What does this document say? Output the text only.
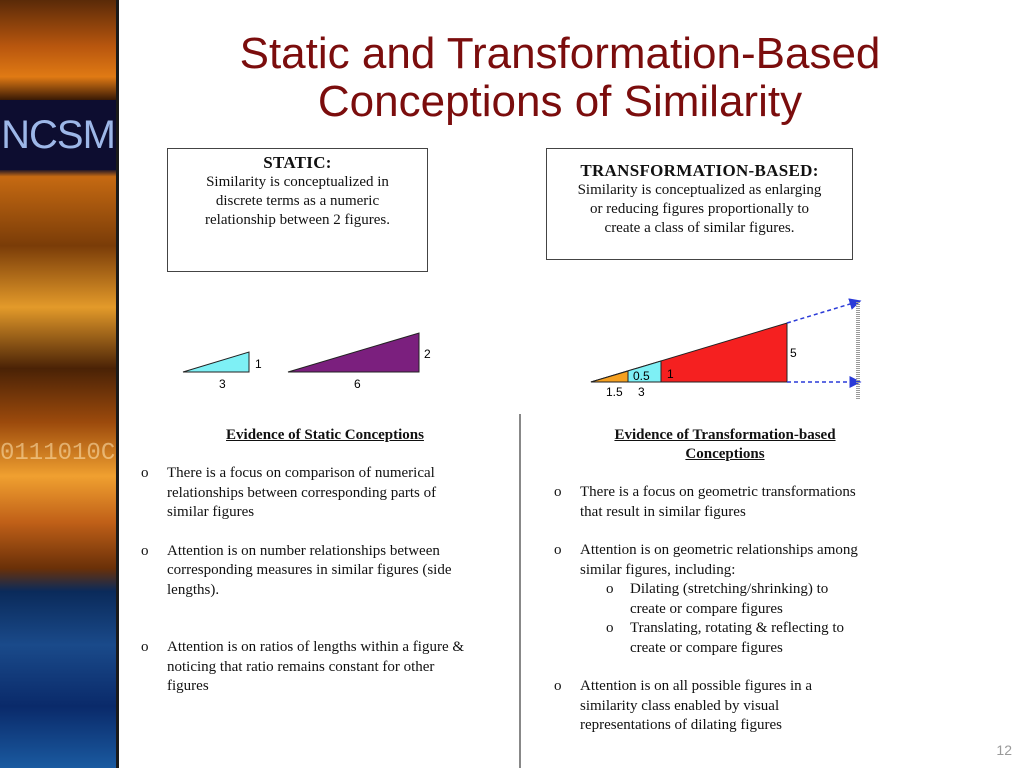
NCSM
0111010C
Static and Transformation-Based
Conceptions of Similarity
STATIC:
Similarity is conceptualized in
discrete terms as a numeric
relationship between 2 figures.
TRANSFORMATION-BASED:
Similarity is conceptualized as enlarging
or reducing figures proportionally to
create a class of similar figures.
1
3
2
6
0.5 1
5
1.5 3
Evidence of Static Conceptions
o There is a focus on comparison of numerical
relationships between corresponding parts of
similar figures
o Attention is on number relationships between
corresponding measures in similar figures (side
lengths).
o Attention is on ratios of lengths within a figure &
noticing that ratio remains constant for other
figures
Evidence of Transformation-based
Conceptions
o There is a focus on geometric transformations
that result in similar figures
o Attention is on geometric relationships among
similar figures, including:
o Dilating (stretching/shrinking) to
create or compare figures
o Translating, rotating & reflecting to
create or compare figures
o Attention is on all possible figures in a
similarity class enabled by visual
representations of dilating figures
12
